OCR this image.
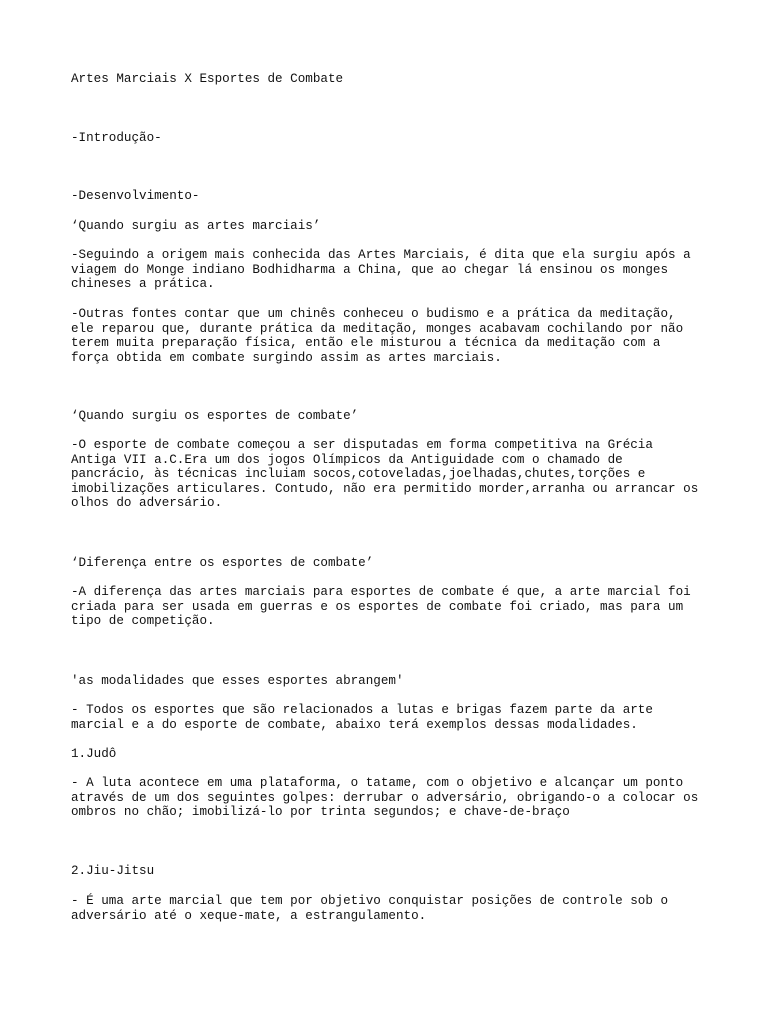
Artes Marciais X Esportes de Combate

-Introdução-

-Desenvolvimento-

‘Quando surgiu as artes marciais’

-Seguindo a origem mais conhecida das Artes Marciais, é dita que ela surgiu após a
viagem do Monge indiano Bodhidharma a China, que ao chegar lá ensinou os monges
chineses a prática.
-Outras fontes contar que um chinês conheceu o budismo e a prática da meditação,
ele reparou que, durante prática da meditação, monges acabavam cochilando por não
terem muita preparação física, então ele misturou a técnica da meditação com a
força obtida em combate surgindo assim as artes marciais.

‘Quando surgiu os esportes de combate’

-O esporte de combate começou a ser disputadas em forma competitiva na Grécia
Antiga VII a.C.Era um dos jogos Olímpicos da Antiguidade com o chamado de
pancrácio, às técnicas incluiam socos,cotoveladas,joelhadas,chutes,torções e
imobilizações articulares. Contudo, não era permitido morder,arranha ou arrancar os
olhos do adversário.

‘Diferença entre os esportes de combate’

-A diferença das artes marciais para esportes de combate é que, a arte marcial foi
criada para ser usada em guerras e os esportes de combate foi criado, mas para um
tipo de competição.

'as modalidades que esses esportes abrangem'

- Todos os esportes que são relacionados a lutas e brigas fazem parte da arte
marcial e a do esporte de combate, abaixo terá exemplos dessas modalidades.

1.Judô

- A luta acontece em uma plataforma, o tatame, com o objetivo e alcançar um ponto
através de um dos seguintes golpes: derrubar o adversário, obrigando-o a colocar os
ombros no chão; imobilizá-lo por trinta segundos; e chave-de-braço

2.Jiu-Jitsu

- É uma arte marcial que tem por objetivo conquistar posições de controle sob o
adversário até o xeque-mate, a estrangulamento.
